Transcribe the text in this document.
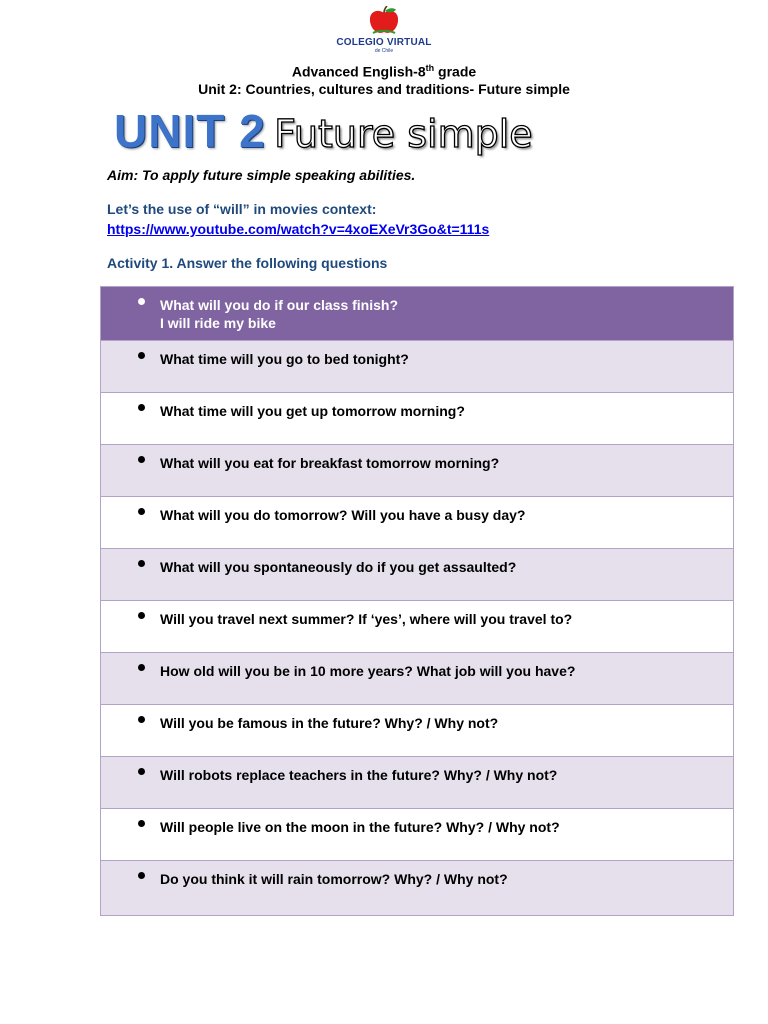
COLEGIO VIRTUAL
de Chile
Advanced English-8th grade
Unit 2: Countries, cultures and traditions- Future simple
UNIT 2 Future simple
Aim: To apply future simple speaking abilities.
Let’s the use of “will” in movies context:
https://www.youtube.com/watch?v=4xoEXeVr3Go&t=111s
Activity 1. Answer the following questions
What will you do if our class finish?
I will ride my bike
What time will you go to bed tonight?
What time will you get up tomorrow morning?
What will you eat for breakfast tomorrow morning?
What will you do tomorrow? Will you have a busy day?
What will you spontaneously do if you get assaulted?
Will you travel next summer? If ‘yes’, where will you travel to?
How old will you be in 10 more years? What job will you have?
Will you be famous in the future? Why? / Why not?
Will robots replace teachers in the future? Why? / Why not?
Will people live on the moon in the future? Why? / Why not?
Do you think it will rain tomorrow? Why? / Why not?
